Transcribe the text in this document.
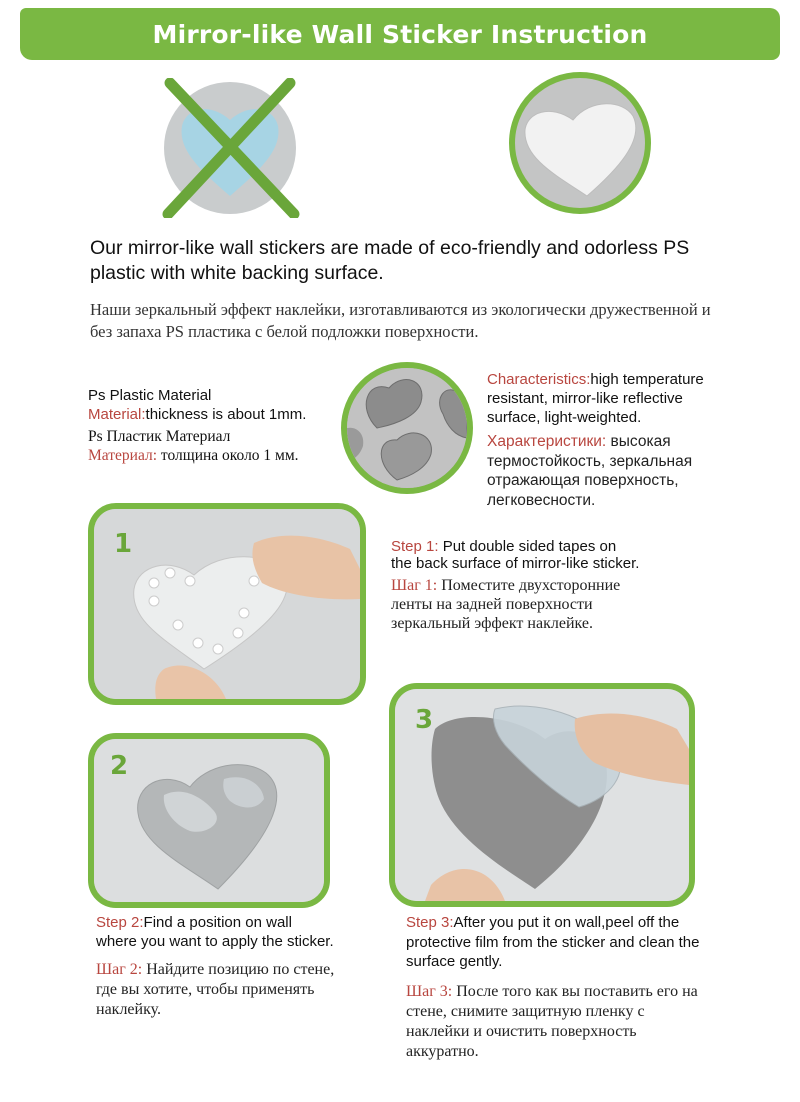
Mirror-like Wall Sticker Instruction

Our mirror-like wall stickers are made of eco-friendly and odorless PS plastic with white backing surface.

Наши зеркальный эффект наклейки, изготавливаются из экологически дружественной и без запаха PS пластика с белой подложки поверхности.

Ps Plastic Material

Material:thickness is about 1mm.

Ps Пластик Материал

Материал: толщина около 1 мм.

Characteristics:high temperature resistant, mirror-like reflective surface, light-weighted.

Характеристики: высокая термостойкость, зеркальная отражающая поверхность, легковесности.

1	Step 1: Put double sided tapes on the back surface of mirror-like sticker.

Шаг 1: Поместите двухсторонние ленты на задней поверхности зеркальный эффект наклейке.

3
2

Step 2:Find a position on wall where you want to apply the sticker.

Шаг 2: Найдите позицию по стене, где вы хотите, чтобы применять наклейку.

Step 3:After you put it on wall,peel off the protective film from the sticker and clean the surface gently.

Шаг 3: После того как вы поставить его на стене, снимите защитную пленку с наклейки и очистить поверхность аккуратно.
